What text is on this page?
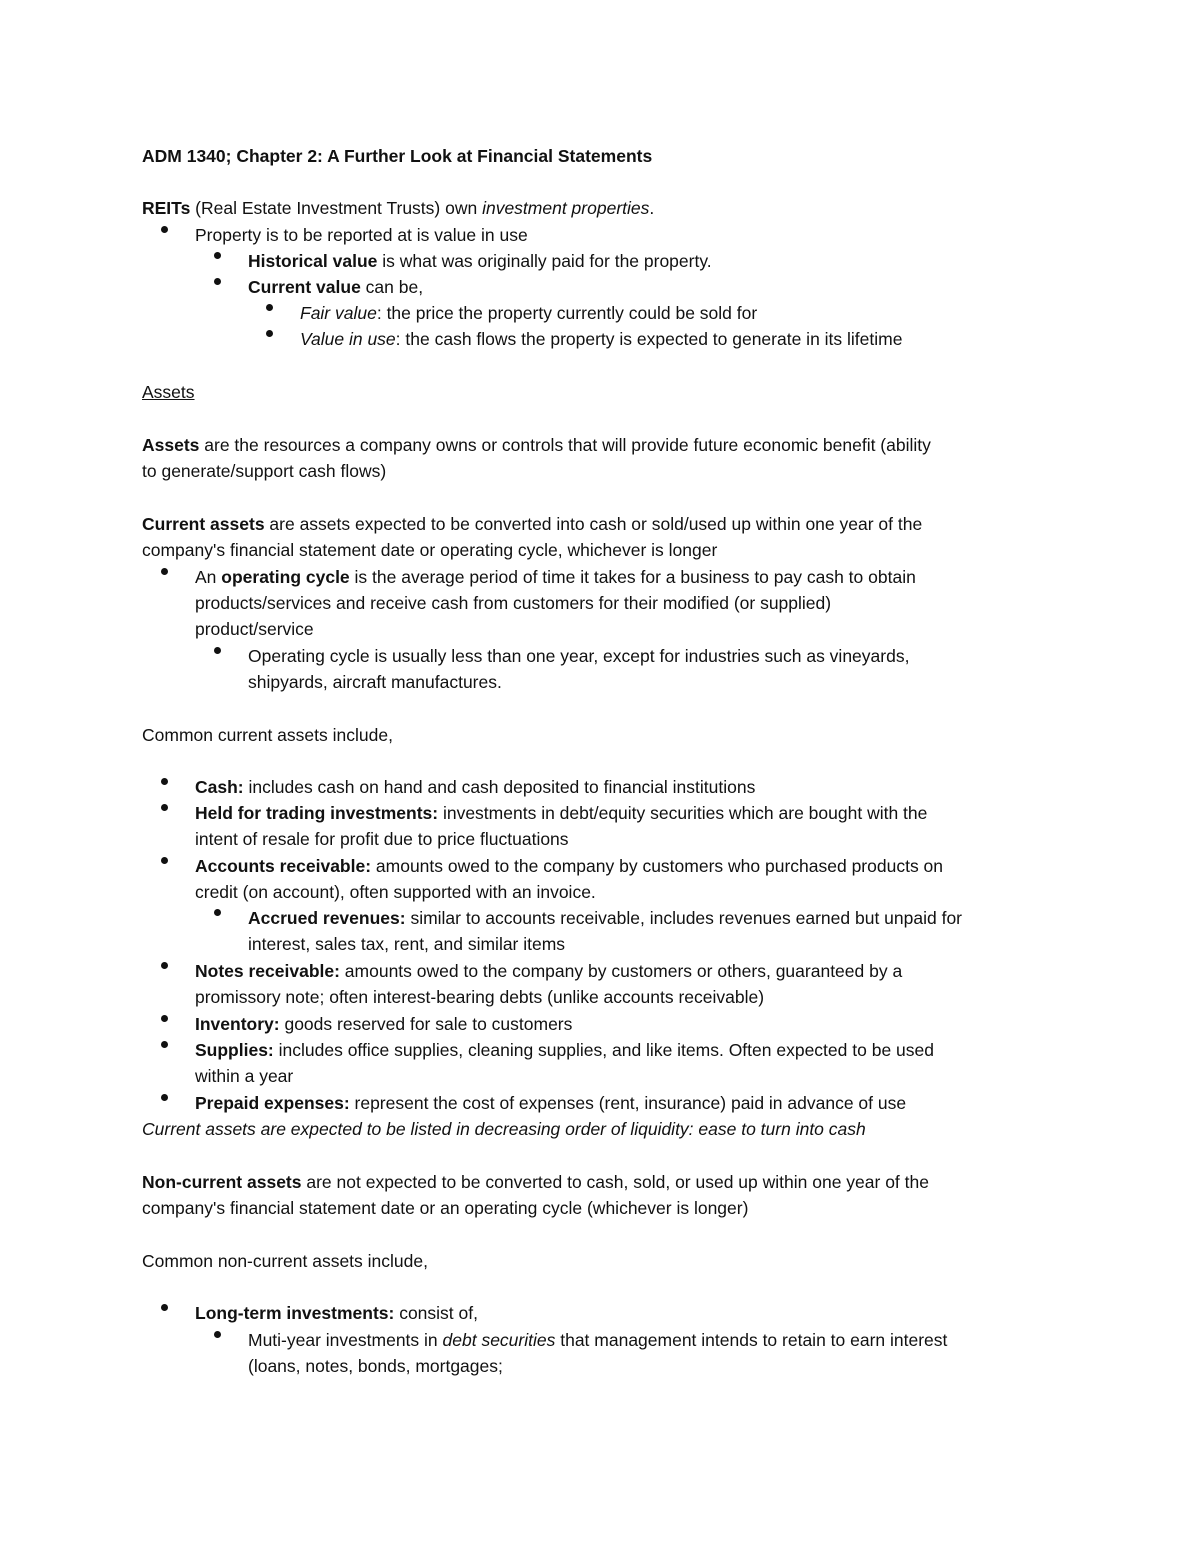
ADM 1340; Chapter 2: A Further Look at Financial Statements
REITs (Real Estate Investment Trusts) own investment properties.
Property is to be reported at is value in use
Historical value is what was originally paid for the property.
Current value can be,
Fair value: the price the property currently could be sold for
Value in use: the cash flows the property is expected to generate in its lifetime
Assets
Assets are the resources a company owns or controls that will provide future economic benefit (ability
to generate/support cash flows)
Current assets are assets expected to be converted into cash or sold/used up within one year of the
company's financial statement date or operating cycle, whichever is longer
An operating cycle is the average period of time it takes for a business to pay cash to obtain
products/services and receive cash from customers for their modified (or supplied)
product/service
Operating cycle is usually less than one year, except for industries such as vineyards,
shipyards, aircraft manufactures.
Common current assets include,
Cash: includes cash on hand and cash deposited to financial institutions
Held for trading investments: investments in debt/equity securities which are bought with the
intent of resale for profit due to price fluctuations
Accounts receivable: amounts owed to the company by customers who purchased products on
credit (on account), often supported with an invoice.
Accrued revenues: similar to accounts receivable, includes revenues earned but unpaid for
interest, sales tax, rent, and similar items
Notes receivable: amounts owed to the company by customers or others, guaranteed by a
promissory note; often interest-bearing debts (unlike accounts receivable)
Inventory: goods reserved for sale to customers
Supplies: includes office supplies, cleaning supplies, and like items. Often expected to be used
within a year
Prepaid expenses: represent the cost of expenses (rent, insurance) paid in advance of use
Current assets are expected to be listed in decreasing order of liquidity: ease to turn into cash
Non-current assets are not expected to be converted to cash, sold, or used up within one year of the
company's financial statement date or an operating cycle (whichever is longer)
Common non-current assets include,
Long-term investments: consist of,
Muti-year investments in debt securities that management intends to retain to earn interest
(loans, notes, bonds, mortgages;
